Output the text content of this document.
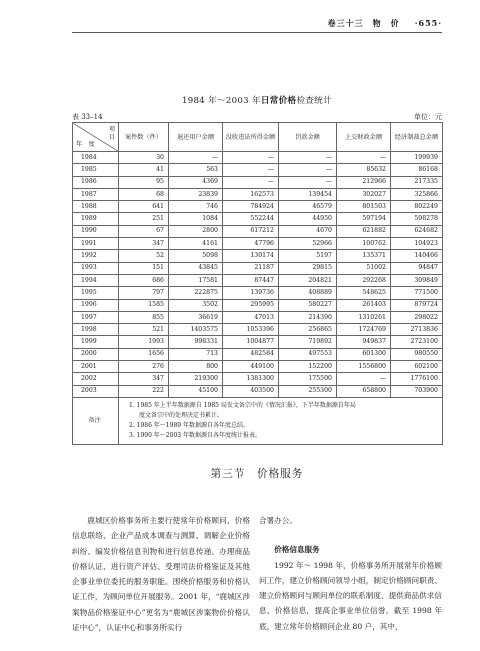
卷三十三　物　价 ·655·
1984 年～2003 年日常价格检查统计
表 33–14	单位：元
项
目
年　度	案件数（件）	退还用户金额	没收违法所得金额	罚款金额	上交财政金额	经济制裁总金额
1984	30	—	—	—	—	199939
1985	41	563	—	—	85632	86168
1986	95	4369	—	—	212966	217335
1987	68	23839	162573	139454	302027	325866
1988	641	746	784924	46579	801503	802249
1989	251	1084	552244	44950	597194	598278
1990	67	2800	617212	4670	621882	624682
1991	347	4161	47796	52966	100762	104923
1992	52	5098	130174	5197	135371	140466
1993	151	43845	21187	29815	51002	94847
1994	686	17581	87447	204821	292268	309849
1995	797	222875	139736	408889	548625	771500
1996	1585	3502	295995	580227	261403	879724
1997	855	36619	47013	214390	1310261	298022
1998	521	1403575	1053396	256865	1724769	2713836
1999	1993	998331	1004877	719892	949837	2723100
2000	1656	713	482584	497553	601300	980550
2001	276	800	449100	152200	1556800	602100
2002	347	219300	1381300	175500	—	1776100
2003	222	45100	403500	255300	658800	703900
备注	1. 1985 年上半年数据源自 1985 局发文备宗中的《情况汇报》，下半年数据源自年局

度文备宗中的处理决定书累计。

2. 1986 年～1989 年数据源自各年度总结。

3. 1990 年～2003 年数据源自各年度统计报表。					

第三节　价格服务

鹿城区价格事务所主要行使常年价格顾问、价格信息联络、企业产品成本调查与测算、调解企业价格纠纷、编发价格信息刊物和进行信息传递、办理商品价格认证、进行资产评估、受理司法价格鉴证及其他企事业单位委托的服务职能。围绕价格服务和价格认证工作，为顾问单位开展服务。2001 年，“鹿城区涉案物品价格鉴证中心”更名为“鹿城区涉案物价价格认证中心”，认证中心和事务所实行

合署办公。

价格信息服务

1992 年～ 1998 年，价格事务所开展常年价格顾问工作，建立价格顾问领导小组，制定价格顾问职责、建立价格顾问与顾问单位的联系制度、提供商品供求信息、价格信息，提高企事业单位信誉。截至 1998 年底，建立常年价格顾问企业 80 户，其中，
